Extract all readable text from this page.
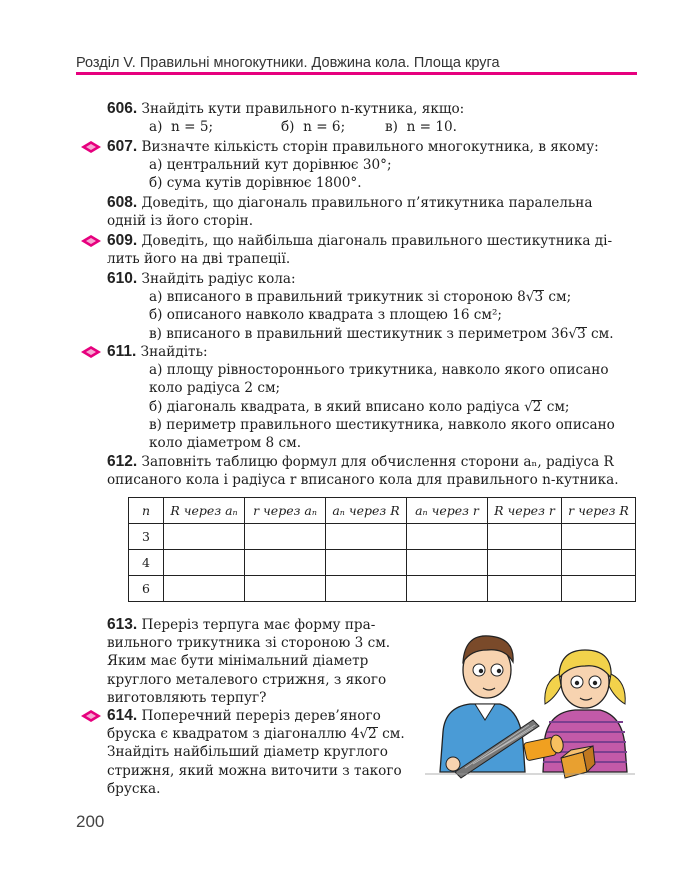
Розділ V. Правильні многокутники. Довжина кола. Площа круга
606. Знайдіть кути правильного n-кутника, якщо:
а)  n = 5;	б)  n = 6;	в)  n = 10.
607. Визначте кількість сторін правильного многокутника, в якому:
а) центральний кут дорівнює 30°;
б) сума кутів дорівнює 1800°.
608. Доведіть, що діагональ правильного п’ятикутника паралельна
одній із його сторін.
609. Доведіть, що найбільша діагональ правильного шестикутника ді-
лить його на дві трапеції.
610. Знайдіть радіус кола:
а) вписаного в правильний трикутник зі стороною 8√3 см;
б) описаного навколо квадрата з площею 16 см²;
в) вписаного в правильний шестикутник з периметром 36√3 см.
611. Знайдіть:
а) площу рівностороннього трикутника, навколо якого описано
коло радіуса 2 см;
б) діагональ квадрата, в який вписано коло радіуса √2 см;
в) периметр правильного шестикутника, навколо якого описано
коло діаметром 8 см.
612. Заповніть таблицю формул для обчислення сторони aₙ, радіуса R
описаного кола і радіуса r вписаного кола для правильного n-кутника.
n	R через aₙ	r через aₙ	aₙ через R	aₙ через r	R через r	r через R
3						
4						
6						
613. Переріз терпуга має форму пра-
вильного трикутника зі стороною 3 см.
Яким має бути мінімальний діаметр
круглого металевого стрижня, з якого
виготовляють терпуг?
614. Поперечний переріз дерев’яного
бруска є квадратом з діагоналлю 4√2 см.
Знайдіть найбільший діаметр круглого
стрижня, який можна виточити з такого
бруска.
200
